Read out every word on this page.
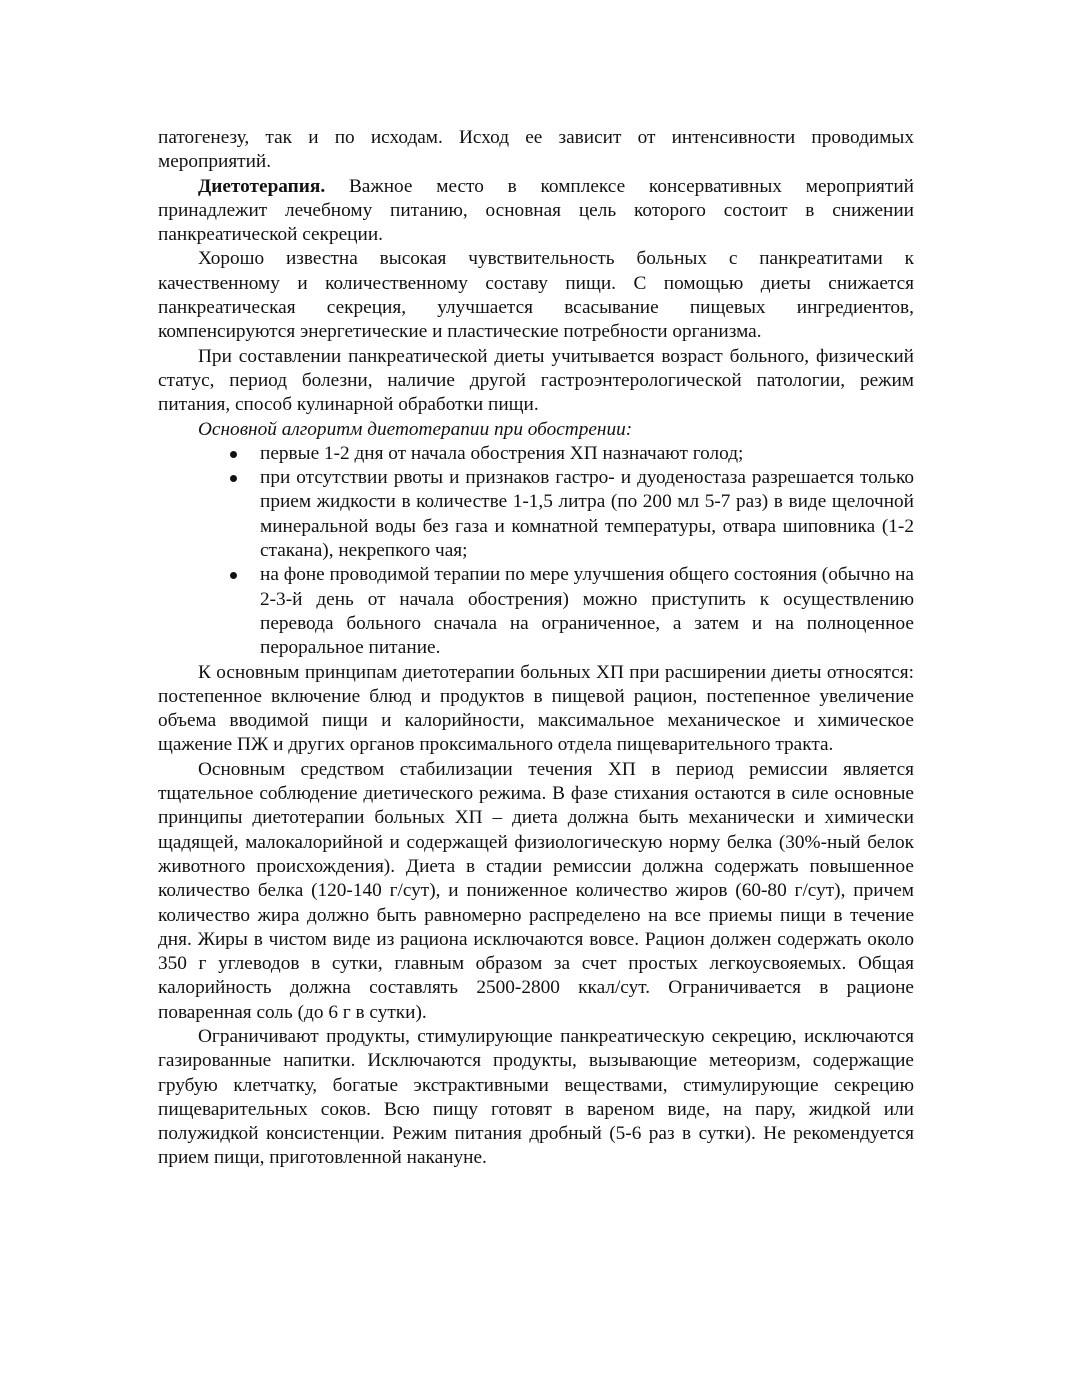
патогенезу, так и по исходам. Исход ее зависит от интенсивности проводимых мероприятий.

Диетотерапия. Важное место в комплексе консервативных мероприятий принадлежит лечебному питанию, основная цель которого состоит в снижении панкреатической секреции.

Хорошо известна высокая чувствительность больных с панкреатитами к качественному и количественному составу пищи. С помощью диеты снижается панкреатическая секреция, улучшается всасывание пищевых ингредиентов, компенсируются энергетические и пластические потребности организма.

При составлении панкреатической диеты учитывается возраст больного, физический статус, период болезни, наличие другой гастроэнтерологической патологии, режим питания, способ кулинарной обработки пищи.

Основной алгоритм диетотерапии при обострении:

первые 1-2 дня от начала обострения ХП назначают голод;
при отсутствии рвоты и признаков гастро- и дуоденостаза разрешается только прием жидкости в количестве 1-1,5 литра (по 200 мл 5-7 раз) в виде щелочной минеральной воды без газа и комнатной температуры, отвара шиповника (1-2 стакана), некрепкого чая;
на фоне проводимой терапии по мере улучшения общего состояния (обычно на 2-3-й день от начала обострения) можно приступить к осуществлению перевода больного сначала на ограниченное, а затем и на полноценное пероральное питание.

К основным принципам диетотерапии больных ХП при расширении диеты относятся: постепенное включение блюд и продуктов в пищевой рацион, постепенное увеличение объема вводимой пищи и калорийности, максимальное механическое и химическое щажение ПЖ и других органов проксимального отдела пищеварительного тракта.

Основным средством стабилизации течения ХП в период ремиссии является тщательное соблюдение диетического режима. В фазе стихания остаются в силе основные принципы диетотерапии больных ХП – диета должна быть механически и химически щадящей, малокалорийной и содержащей физиологическую норму белка (30%-ный белок животного происхождения). Диета в стадии ремиссии должна содержать повышенное количество белка (120-140 г/сут), и пониженное количество жиров (60-80 г/сут), причем количество жира должно быть равномерно распределено на все приемы пищи в течение дня. Жиры в чистом виде из рациона исключаются вовсе. Рацион должен содержать около 350 г углеводов в сутки, главным образом за счет простых легкоусвояемых. Общая калорийность должна составлять 2500-2800 ккал/сут. Ограничивается в рационе поваренная соль (до 6 г в сутки).

Ограничивают продукты, стимулирующие панкреатическую секрецию, исключаются газированные напитки. Исключаются продукты, вызывающие метеоризм, содержащие грубую клетчатку, богатые экстрактивными веществами, стимулирующие секрецию пищеварительных соков. Всю пищу готовят в вареном виде, на пару, жидкой или полужидкой консистенции. Режим питания дробный (5-6 раз в сутки). Не рекомендуется прием пищи, приготовленной накануне.
